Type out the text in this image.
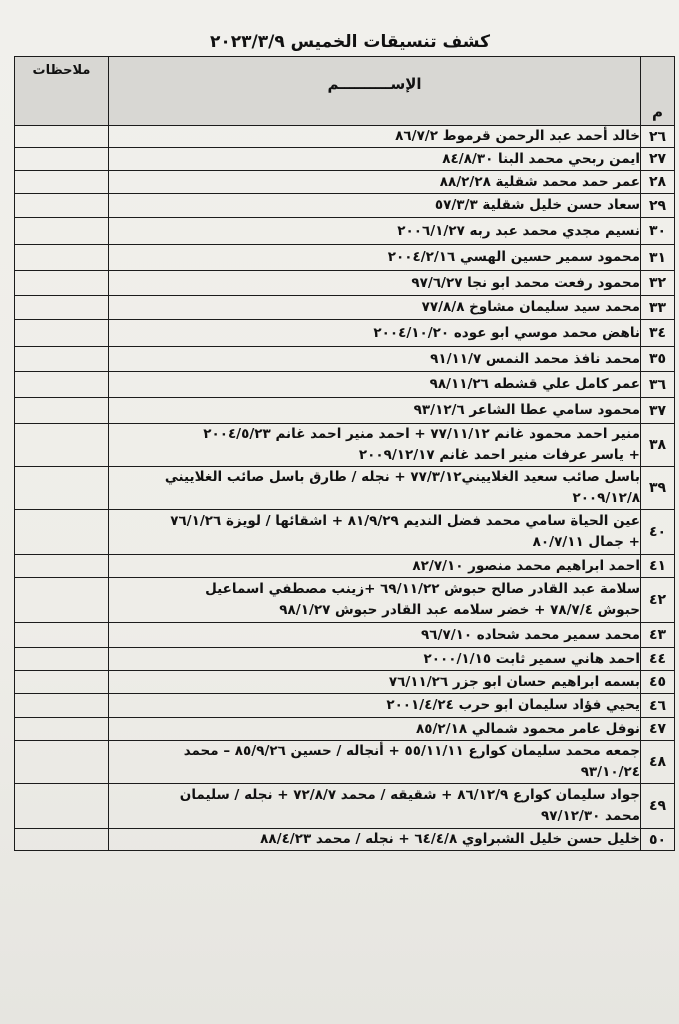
كشف تنسيقات الخميس ٢٠٢٣/٣/٩
م	الإســــــــــم	ملاحظات
٢٦	خالد أحمد عبد الرحمن قرموط ٨٦/٧/٢	

٢٧	ايمن ربحي محمد البنا ٨٤/٨/٣٠	

٢٨	عمر حمد محمد شقلية ٨٨/٢/٢٨	

٢٩	سعاد حسن خليل شقلية ٥٧/٣/٣	

٣٠	نسيم مجدي محمد عبد ربه ٢٠٠٦/١/٢٧	

٣١	محمود سمير حسين الهسي ٢٠٠٤/٢/١٦	

٣٢	محمود رفعت محمد ابو نجا ٩٧/٦/٢٧	

٣٣	محمد سيد سليمان مشاوخ ٧٧/٨/٨	

٣٤	ناهض محمد موسي ابو عوده ٢٠٠٤/١٠/٢٠	

٣٥	محمد نافذ محمد النمس ٩١/١١/٧	

٣٦	عمر كامل علي قشطه ٩٨/١١/٢٦	

٣٧	محمود سامي عطا الشاعر ٩٣/١٢/٦	

٣٨	منير احمد محمود غانم ٧٧/١١/١٢ + احمد منير احمد غانم ٢٠٠٤/٥/٢٣
+ ياسر عرفات منير احمد غانم ٢٠٠٩/١٢/١٧	

٣٩	باسل صائب سعيد الغلاييني٧٧/٣/١٢ + نجله / طارق باسل صائب الغلاييني
٢٠٠٩/١٢/٨	

٤٠	عين الحياة سامي محمد فضل النديم ٨١/٩/٢٩ + اشقائها / لويزة ٧٦/١/٢٦
+ جمال ٨٠/٧/١١	

٤١	احمد ابراهيم محمد منصور ٨٢/٧/١٠	

٤٢	سلامة عبد القادر صالح حبوش ٦٩/١١/٢٢ +زينب مصطفي اسماعيل
حبوش ٧٨/٧/٤ + خضر سلامه عبد القادر حبوش ٩٨/١/٢٧	

٤٣	محمد سمير محمد شحاده ٩٦/٧/١٠	

٤٤	احمد هاني سمير ثابت ٢٠٠٠/١/١٥	

٤٥	بسمه ابراهيم حسان ابو جزر ٧٦/١١/٢٦	

٤٦	يحيي فؤاد سليمان ابو حرب ٢٠٠١/٤/٢٤	

٤٧	نوفل عامر محمود شمالي ٨٥/٢/١٨	

٤٨	جمعه محمد سليمان كوارع ٥٥/١١/١١ + أنجاله / حسين ٨٥/٩/٢٦ – محمد
٩٣/١٠/٢٤	

٤٩	جواد سليمان كوارع ٨٦/١٢/٩ + شقيقه / محمد ٧٢/٨/٧ + نجله / سليمان
محمد ٩٧/١٢/٣٠	

٥٠	خليل حسن خليل الشبراوي ٦٤/٤/٨ + نجله / محمد ٨٨/٤/٢٣	
